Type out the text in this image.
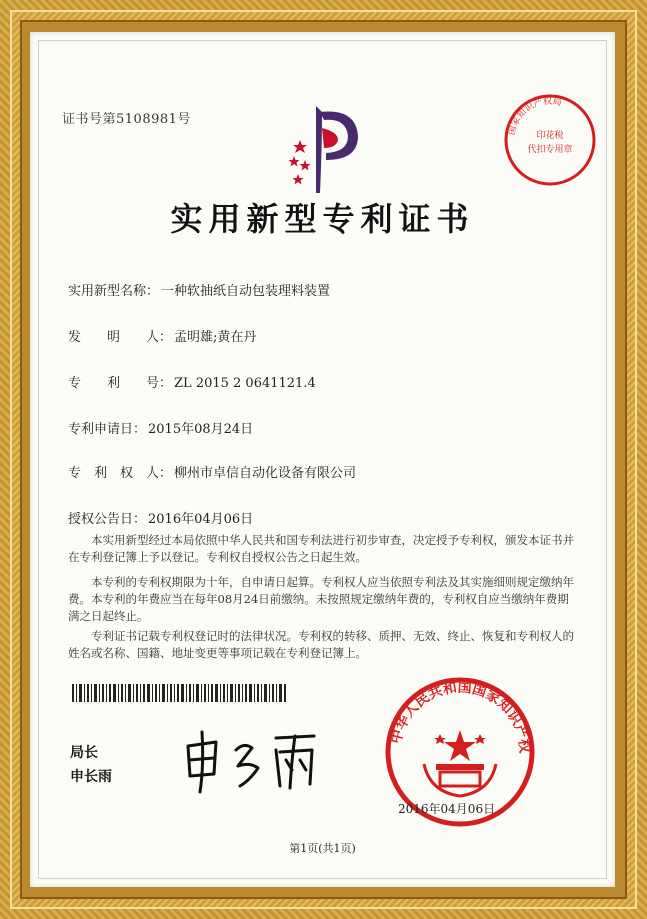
证书号第5108981号
国家知识产权局
印花税
代扣专用章
实用新型专利证书
实用新型名称： 一种软抽纸自动包装理料装置
发　　明　　人： 孟明雄;黄在丹
专　　利　　号： ZL 2015 2 0641121.4
专利申请日： 2015年08月24日
专　利　权　人： 柳州市卓信自动化设备有限公司
授权公告日： 2016年04月06日

本实用新型经过本局依照中华人民共和国专利法进行初步审查，决定授予专利权，颁发本证书并在专利登记簿上予以登记。专利权自授权公告之日起生效。

本专利的专利权期限为十年，自申请日起算。专利权人应当依照专利法及其实施细则规定缴纳年费。本专利的年费应当在每年08月24日前缴纳。未按照规定缴纳年费的，专利权自应当缴纳年费期满之日起终止。

专利证书记载专利权登记时的法律状况。专利权的转移、质押、无效、终止、恢复和专利权人的姓名或名称、国籍、地址变更等事项记载在专利登记簿上。

局长
申长雨
中华人民共和国国家知识产权
2016年04月06日
第1页(共1页)
